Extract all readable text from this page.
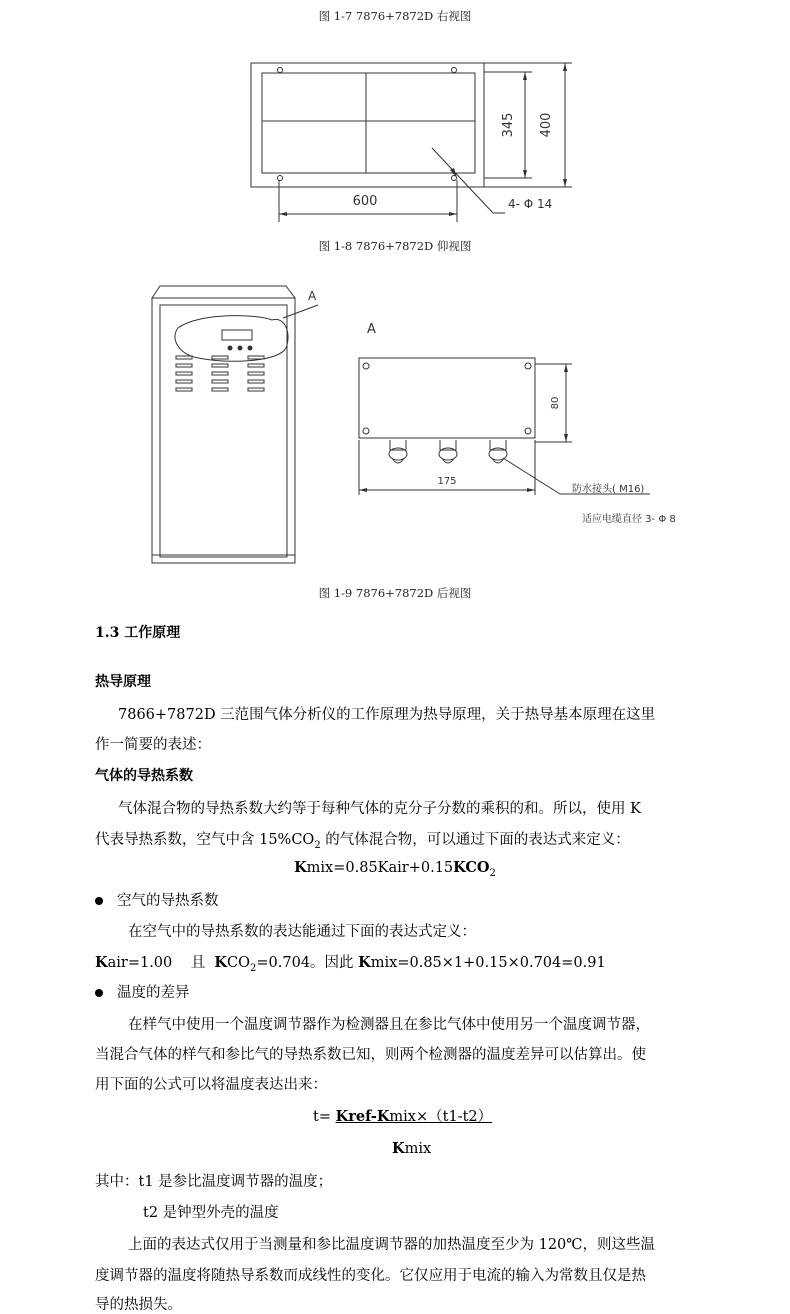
图 1-7 7876+7872D 右视图
600
345 400
4- Φ 14
图 1-8 7876+7872D 仰视图
A
A
80
175
防水接头( M16)
适应电缆直径 3- Φ 8
图 1-9 7876+7872D 后视图
1.3 工作原理
热导原理
7866+7872D 三范围气体分析仪的工作原理为热导原理，关于热导基本原理在这里
作一简要的表述：
气体的导热系数
气体混合物的导热系数大约等于每种气体的克分子分数的乘积的和。所以，使用 K
代表导热系数，空气中含 $15\%CO_2$ 的气体混合物，可以通过下面的表达式来定义：
$Kmix=0.85Kair+0.15KCO_2$
空气的导热系数
在空气中的导热系数的表达能通过下面的表达式定义：
Kair=1.00    且  $KCO_2=0.704$。因此 Kmix=0.85×1+0.15×0.704=0.91
温度的差异
在样气中使用一个温度调节器作为检测器且在参比气体中使用另一个温度调节器，
当混合气体的样气和参比气的导热系数已知，则两个检测器的温度差异可以估算出。使
用下面的公式可以将温度表达出来：
t= Kref-Kmix×（t1-t2）
Kmix
其中：t1 是参比温度调节器的温度；
t2 是钟型外壳的温度
上面的表达式仅用于当测量和参比温度调节器的加热温度至少为 120℃，则这些温
度调节器的温度将随热导系数而成线性的变化。它仅应用于电流的输入为常数且仅是热
导的热损失。
